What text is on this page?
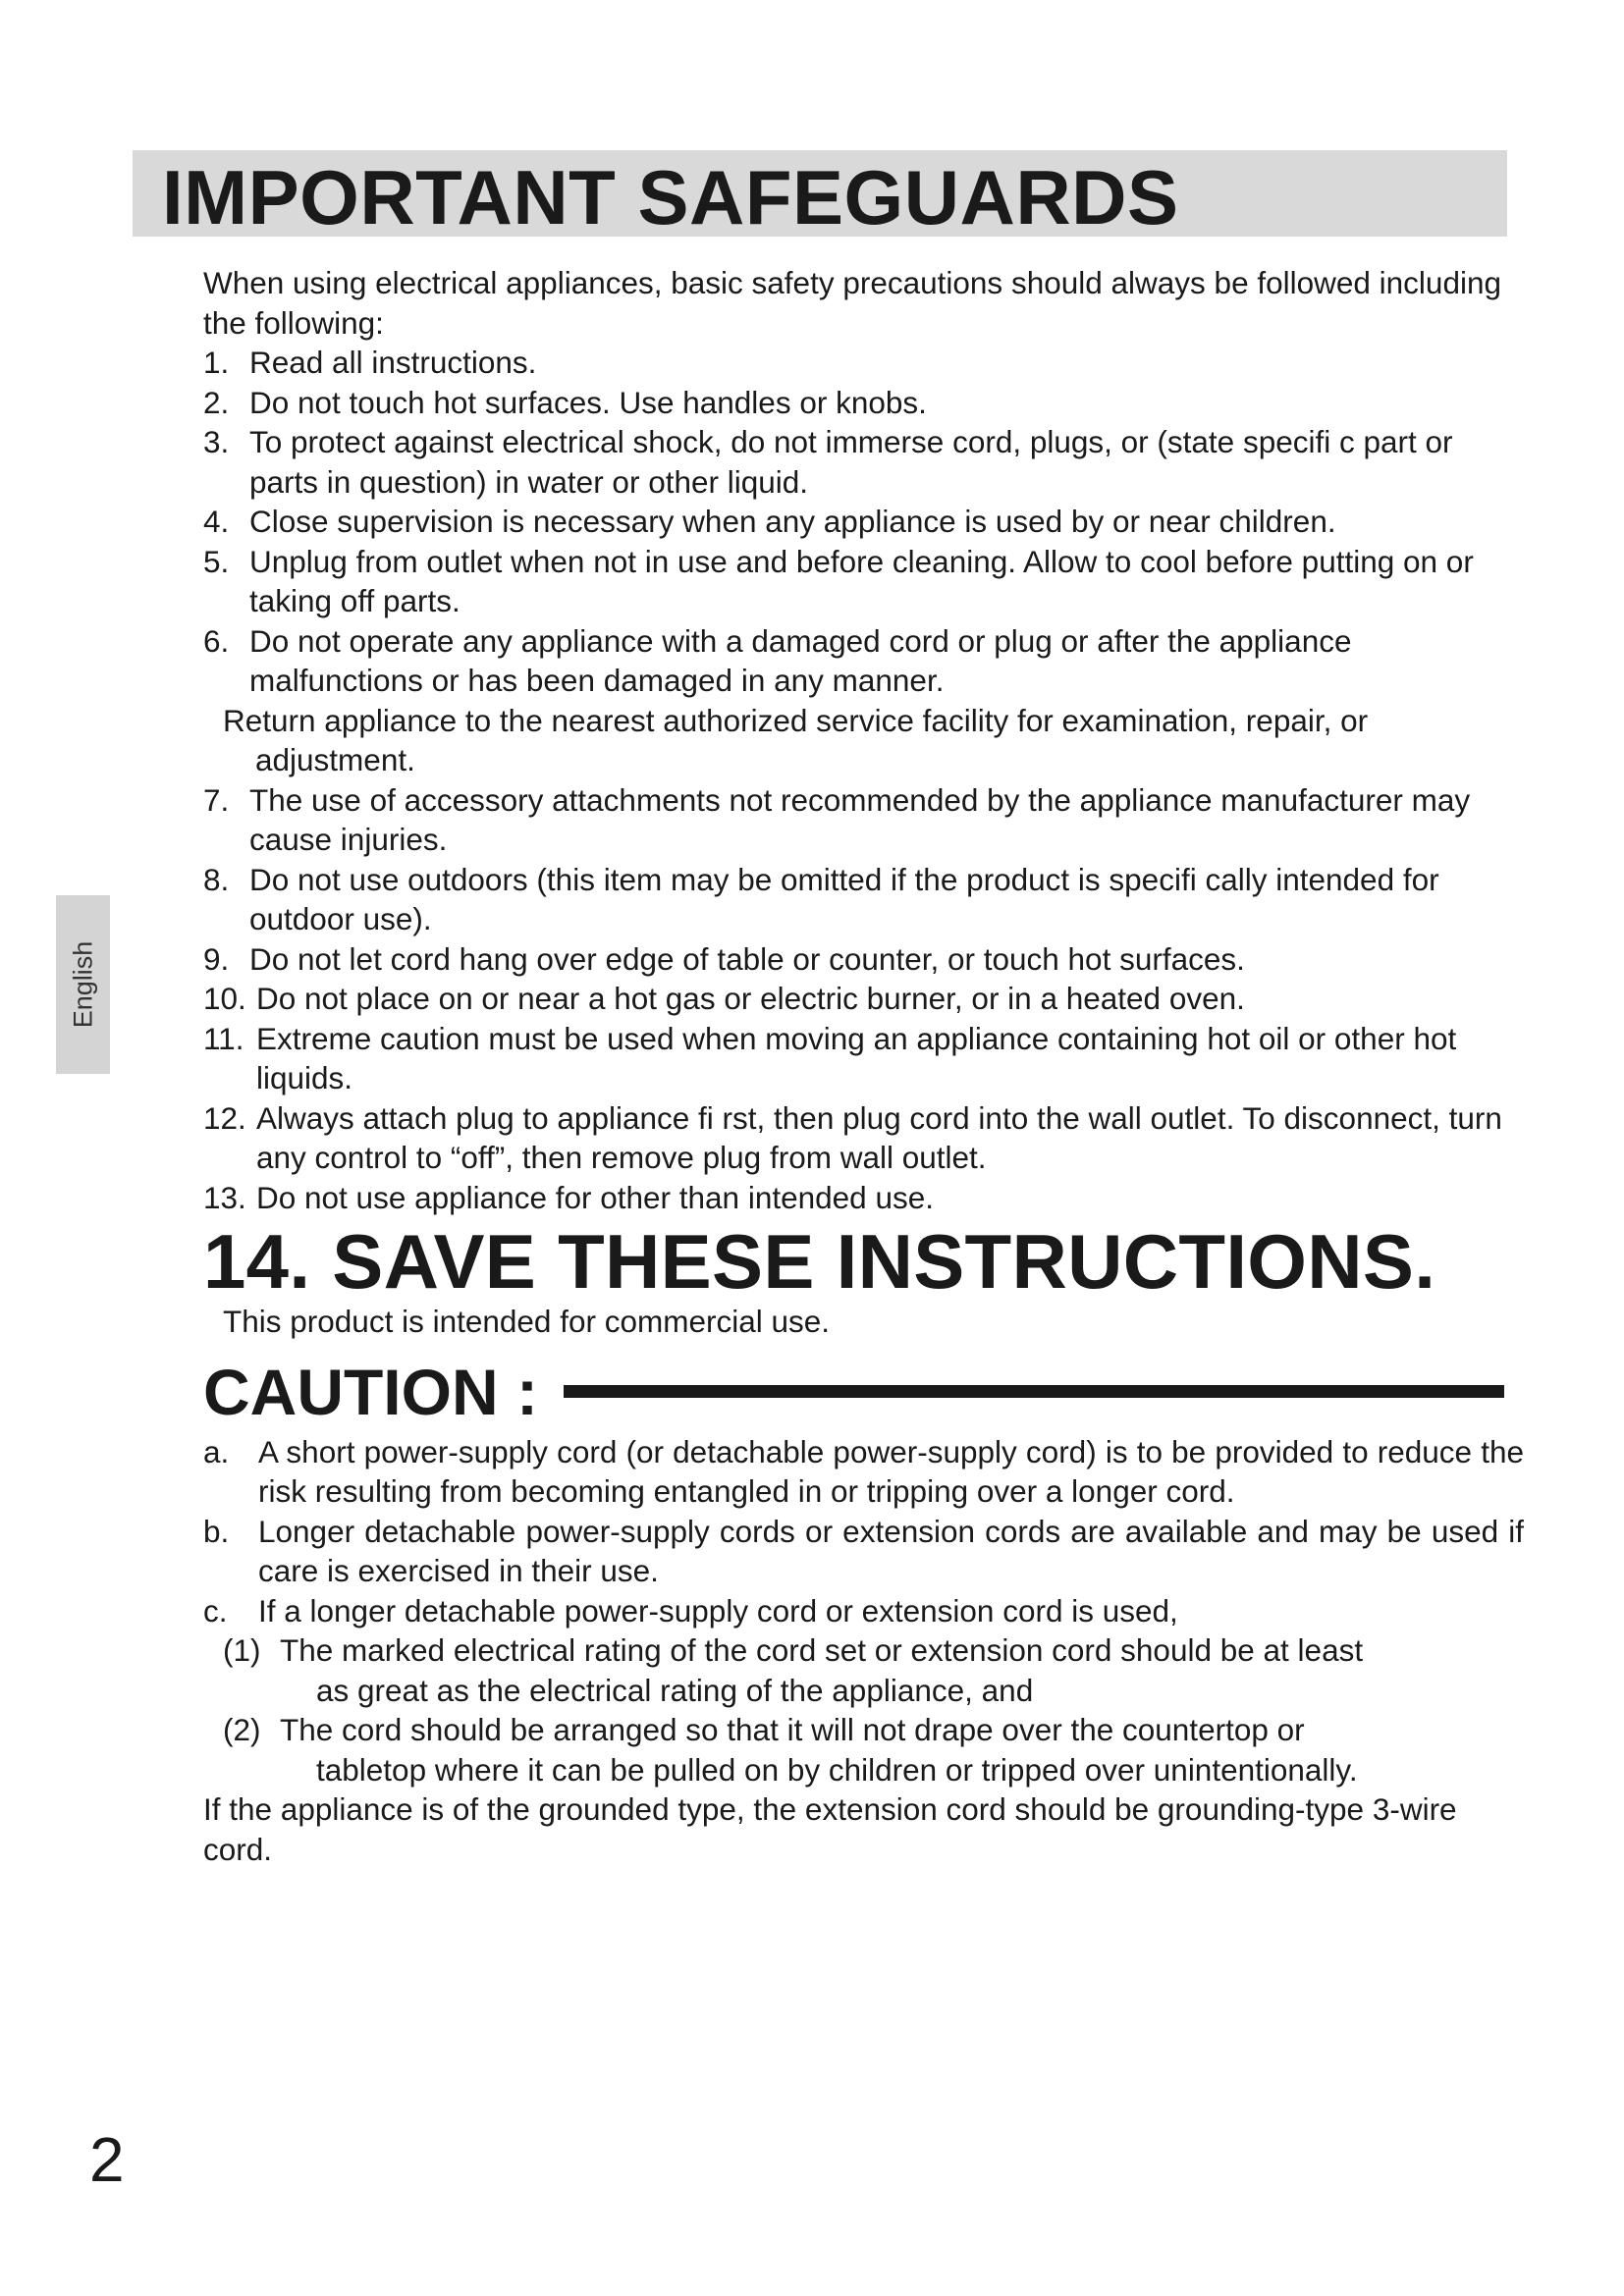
IMPORTANT SAFEGUARDS
English

When using electrical appliances, basic safety precautions should always be followed including the following:

1. Read all instructions.
2. Do not touch hot surfaces. Use handles or knobs.
3. To protect against electrical shock, do not immerse cord, plugs, or (state specifi c part or parts in question) in water or other liquid.
4. Close supervision is necessary when any appliance is used by or near children.
5. Unplug from outlet when not in use and before cleaning. Allow to cool before putting on or taking off parts.
6. Do not operate any appliance with a damaged cord or plug or after the appliance malfunctions or has been damaged in any manner.
Return appliance to the nearest authorized service facility for examination, repair, or
adjustment.
7. The use of accessory attachments not recommended by the appliance manufacturer may cause injuries.
8. Do not use outdoors (this item may be omitted if the product is specifi cally intended for outdoor use).
9. Do not let cord hang over edge of table or counter, or touch hot surfaces.
10. Do not place on or near a hot gas or electric burner, or in a heated oven.
11. Extreme caution must be used when moving an appliance containing hot oil or other hot liquids.
12. Always attach plug to appliance fi rst, then plug cord into the wall outlet. To disconnect, turn any control to “off”, then remove plug from wall outlet.
13. Do not use appliance for other than intended use.
14. SAVE THESE INSTRUCTIONS.

This product is intended for commercial use.

CAUTION :
a. A short power-supply cord (or detachable power-supply cord) is to be provided to reduce the risk resulting from becoming entangled in or tripping over a longer cord.
b. Longer detachable power-supply cords or extension cords are available and may be used if care is exercised in their use.
c. If a longer detachable power-supply cord or extension cord is used,
(1) The marked electrical rating of the cord set or extension cord should be at least
as great as the electrical rating of the appliance, and
(2) The cord should be arranged so that it will not drape over the countertop or
tabletop where it can be pulled on by children or tripped over unintentionally.

If the appliance is of the grounded type, the extension cord should be grounding-type 3-wire cord.

2
